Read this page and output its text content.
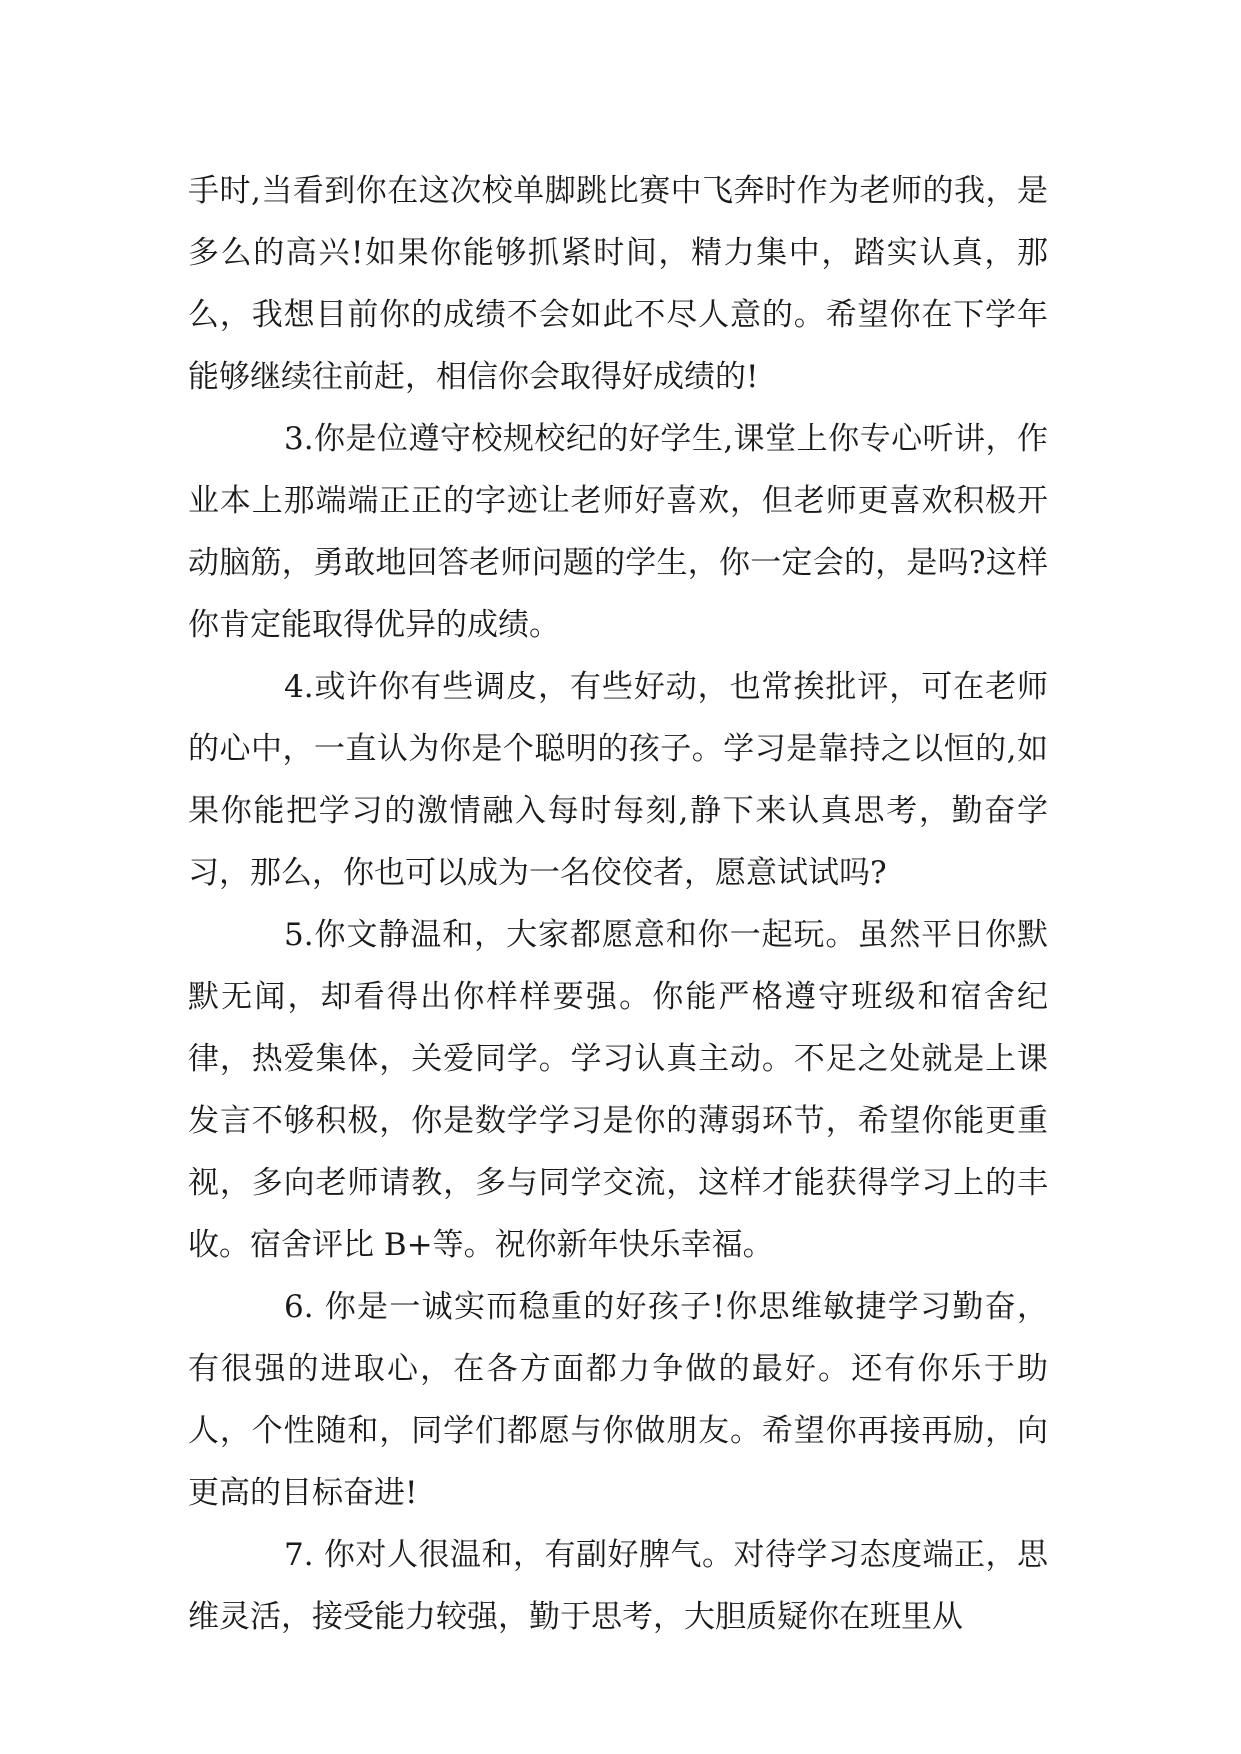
手时,当看到你在这次校单脚跳比赛中飞奔时作为老师的我，是多么的高兴!如果你能够抓紧时间，精力集中，踏实认真，那么，我想目前你的成绩不会如此不尽人意的。希望你在下学年能够继续往前赶，相信你会取得好成绩的!

3.你是位遵守校规校纪的好学生,课堂上你专心听讲，作业本上那端端正正的字迹让老师好喜欢，但老师更喜欢积极开动脑筋，勇敢地回答老师问题的学生，你一定会的，是吗?这样你肯定能取得优异的成绩。

4.或许你有些调皮，有些好动，也常挨批评，可在老师的心中，一直认为你是个聪明的孩子。学习是靠持之以恒的,如果你能把学习的激情融入每时每刻,静下来认真思考，勤奋学习，那么，你也可以成为一名佼佼者，愿意试试吗?

5.你文静温和，大家都愿意和你一起玩。虽然平日你默默无闻，却看得出你样样要强。你能严格遵守班级和宿舍纪律，热爱集体，关爱同学。学习认真主动。不足之处就是上课发言不够积极，你是数学学习是你的薄弱环节，希望你能更重视，多向老师请教，多与同学交流，这样才能获得学习上的丰收。宿舍评比 B+等。祝你新年快乐幸福。

6. 你是一诚实而稳重的好孩子!你思维敏捷学习勤奋，有很强的进取心，在各方面都力争做的最好。还有你乐于助人，个性随和，同学们都愿与你做朋友。希望你再接再励，向更高的目标奋进!

7. 你对人很温和，有副好脾气。对待学习态度端正，思维灵活，接受能力较强，勤于思考，大胆质疑你在班里从
